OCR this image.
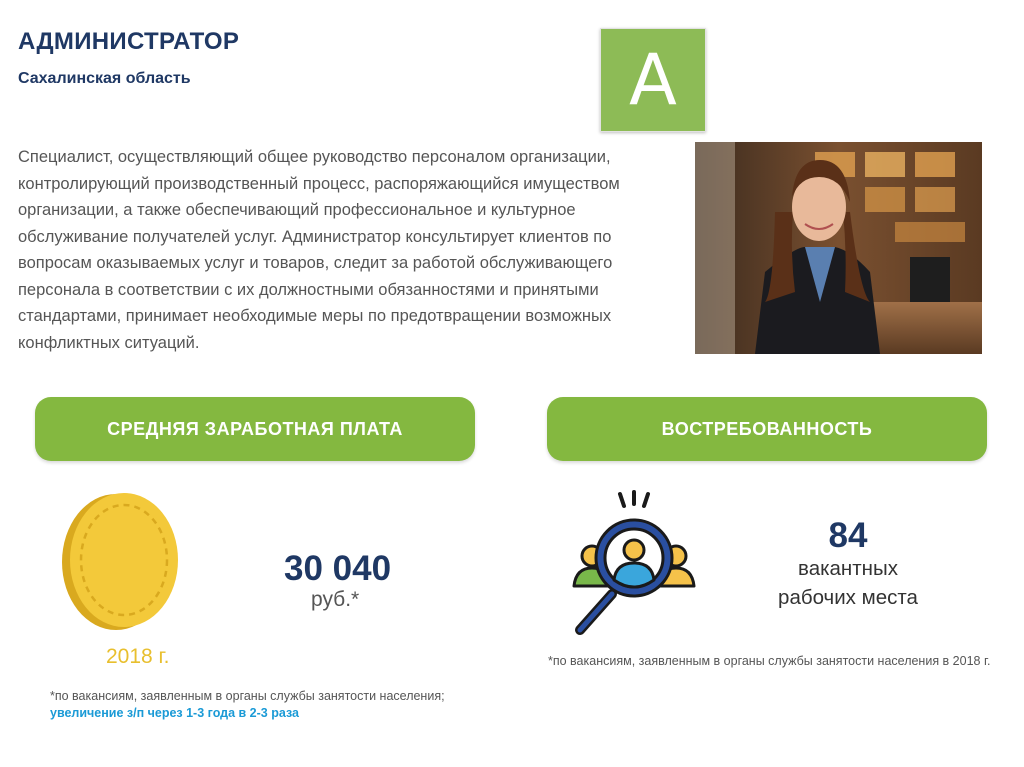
АДМИНИСТРАТОР
Сахалинская область	А

Специалист, осуществляющий общее руководство персоналом организации, контролирующий производственный процесс, распоряжающийся имуществом организации, а также обеспечивающий профессиональное и культурное обслуживание получателей услуг. Администратор консультирует клиентов по вопросам оказываемых услуг и товаров, следит за работой обслуживающего персонала в соответствии с их должностными обязанностями и принятыми стандартами, принимает необходимые меры по предотвращении возможных конфликтных ситуаций.

СРЕДНЯЯ ЗАРАБОТНАЯ ПЛАТА	ВОСТРЕБОВАННОСТЬ
2018 г.
30 040
руб.*
*по вакансиям, заявленным в органы службы занятости населения;
увеличение з/п через 1-3 года в 2-3 раза
84
вакантных
рабочих места
*по вакансиям, заявленным в органы службы занятости населения в 2018 г.
